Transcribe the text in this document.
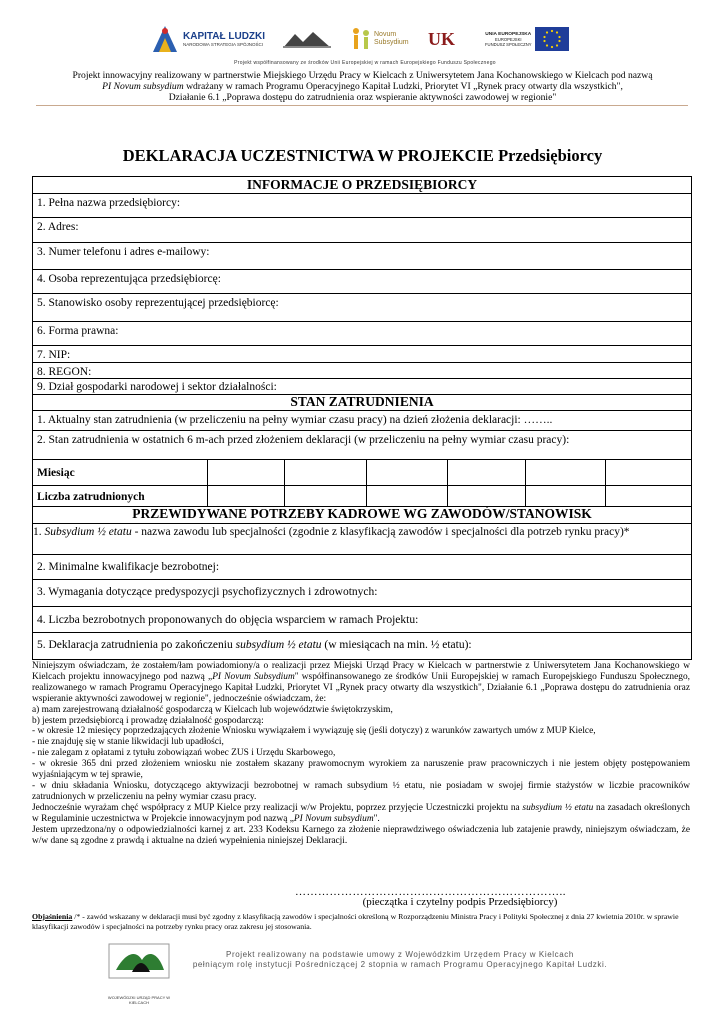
KAPITAŁ LUDZKI
NARODOWA STRATEGIA SPÓJNOŚCI
Novum Subsydium UK	UNIA EUROPEJSKA
EUROPEJSKI
FUNDUSZ SPOŁECZNY
Projekt współfinansowany ze środków Unii Europejskiej w ramach Europejskiego Funduszu Społecznego
Projekt innowacyjny realizowany w partnerstwie Miejskiego Urzędu Pracy w Kielcach z Uniwersytetem Jana Kochanowskiego w Kielcach pod nazwą
PI Novum subsydium wdrażany w ramach Programu Operacyjnego Kapitał Ludzki, Priorytet VI „Rynek pracy otwarty dla wszystkich",
Działanie 6.1 „Poprawa dostępu do zatrudnienia oraz wspieranie aktywności zawodowej w regionie"
DEKLARACJA UCZESTNICTWA W PROJEKCIE Przedsiębiorcy
INFORMACJE O PRZEDSIĘBIORCY
1. Pełna nazwa przedsiębiorcy:
2. Adres:
3. Numer telefonu i adres e-mailowy:
4. Osoba reprezentująca przedsiębiorcę:
5. Stanowisko osoby reprezentującej przedsiębiorcę:
6. Forma prawna:
7. NIP:
8. REGON:
9. Dział gospodarki narodowej i sektor działalności:
STAN ZATRUDNIENIA
1. Aktualny stan zatrudnienia (w przeliczeniu na pełny wymiar czasu pracy) na dzień złożenia deklaracji: ……..
2. Stan zatrudnienia w ostatnich 6 m-ach przed złożeniem deklaracji (w przeliczeniu na pełny wymiar czasu pracy):
Miesiąc
Liczba zatrudnionych
PRZEWIDYWANE POTRZEBY KADROWE WG ZAWODÓW/STANOWISK
1. Subsydium ½ etatu - nazwa zawodu lub specjalności (zgodnie z klasyfikacją zawodów i specjalności dla potrzeb rynku pracy)*
2. Minimalne kwalifikacje bezrobotnej:
3. Wymagania dotyczące predyspozycji psychofizycznych i zdrowotnych:
4. Liczba bezrobotnych proponowanych do objęcia wsparciem w ramach Projektu:
5. Deklaracja zatrudnienia po zakończeniu subsydium ½ etatu (w miesiącach na min. ½ etatu):

Niniejszym oświadczam, że zostałem/łam powiadomiony/a o realizacji przez Miejski Urząd Pracy w Kielcach w partnerstwie z Uniwersytetem Jana Kochanowskiego w Kielcach projektu innowacyjnego pod nazwą „PI Novum Subsydium" współfinansowanego ze środków Unii Europejskiej w ramach Europejskiego Funduszu Społecznego, realizowanego w ramach Programu Operacyjnego Kapitał Ludzki, Priorytet VI „Rynek pracy otwarty dla wszystkich", Działanie 6.1 „Poprawa dostępu do zatrudnienia oraz wspieranie aktywności zawodowej w regionie", jednocześnie oświadczam, że:

a) mam zarejestrowaną działalność gospodarczą w Kielcach lub województwie świętokrzyskim,

b) jestem przedsiębiorcą i prowadzę działalność gospodarczą:

- w okresie 12 miesięcy poprzedzających złożenie Wniosku wywiązałem i wywiązuję się (jeśli dotyczy) z warunków zawartych umów z MUP Kielce,

- nie znajduję się w stanie likwidacji lub upadłości,

- nie zalegam z opłatami z tytułu zobowiązań wobec ZUS i Urzędu Skarbowego,

- w okresie 365 dni przed złożeniem wniosku nie zostałem skazany prawomocnym wyrokiem za naruszenie praw pracowniczych i nie jestem objęty postępowaniem wyjaśniającym w tej sprawie,

- w dniu składania Wniosku, dotyczącego aktywizacji bezrobotnej w ramach subsydium ½ etatu, nie posiadam w swojej firmie stażystów w liczbie pracowników zatrudnionych w przeliczeniu na pełny wymiar czasu pracy.

Jednocześnie wyrażam chęć współpracy z MUP Kielce przy realizacji w/w Projektu, poprzez przyjęcie Uczestniczki projektu na subsydium ½ etatu na zasadach określonych w Regulaminie uczestnictwa w Projekcie innowacyjnym pod nazwą „PI Novum subsydium".

Jestem uprzedzona/ny o odpowiedzialności karnej z art. 233 Kodeksu Karnego za złożenie nieprawdziwego oświadczenia lub zatajenie prawdy, niniejszym oświadczam, że w/w dane są zgodne z prawdą i aktualne na dzień wypełnienia niniejszej Deklaracji.

……………………………………………………………..
(pieczątka i czytelny podpis Przedsiębiorcy)
Objaśnienia /* - zawód wskazany w deklaracji musi być zgodny z klasyfikacją zawodów i specjalności określoną w Rozporządzeniu Ministra Pracy i Polityki Społecznej z dnia 27 kwietnia 2010r. w sprawie klasyfikacji zawodów i specjalności na potrzeby rynku pracy oraz zakresu jej stosowania.
WOJEWÓDZKI URZĄD PRACY W KIELCACH
Projekt realizowany na podstawie umowy z Wojewódzkim Urzędem Pracy w Kielcach
pełniącym rolę instytucji Pośredniczącej 2 stopnia w ramach Programu Operacyjnego Kapitał Ludzki.
